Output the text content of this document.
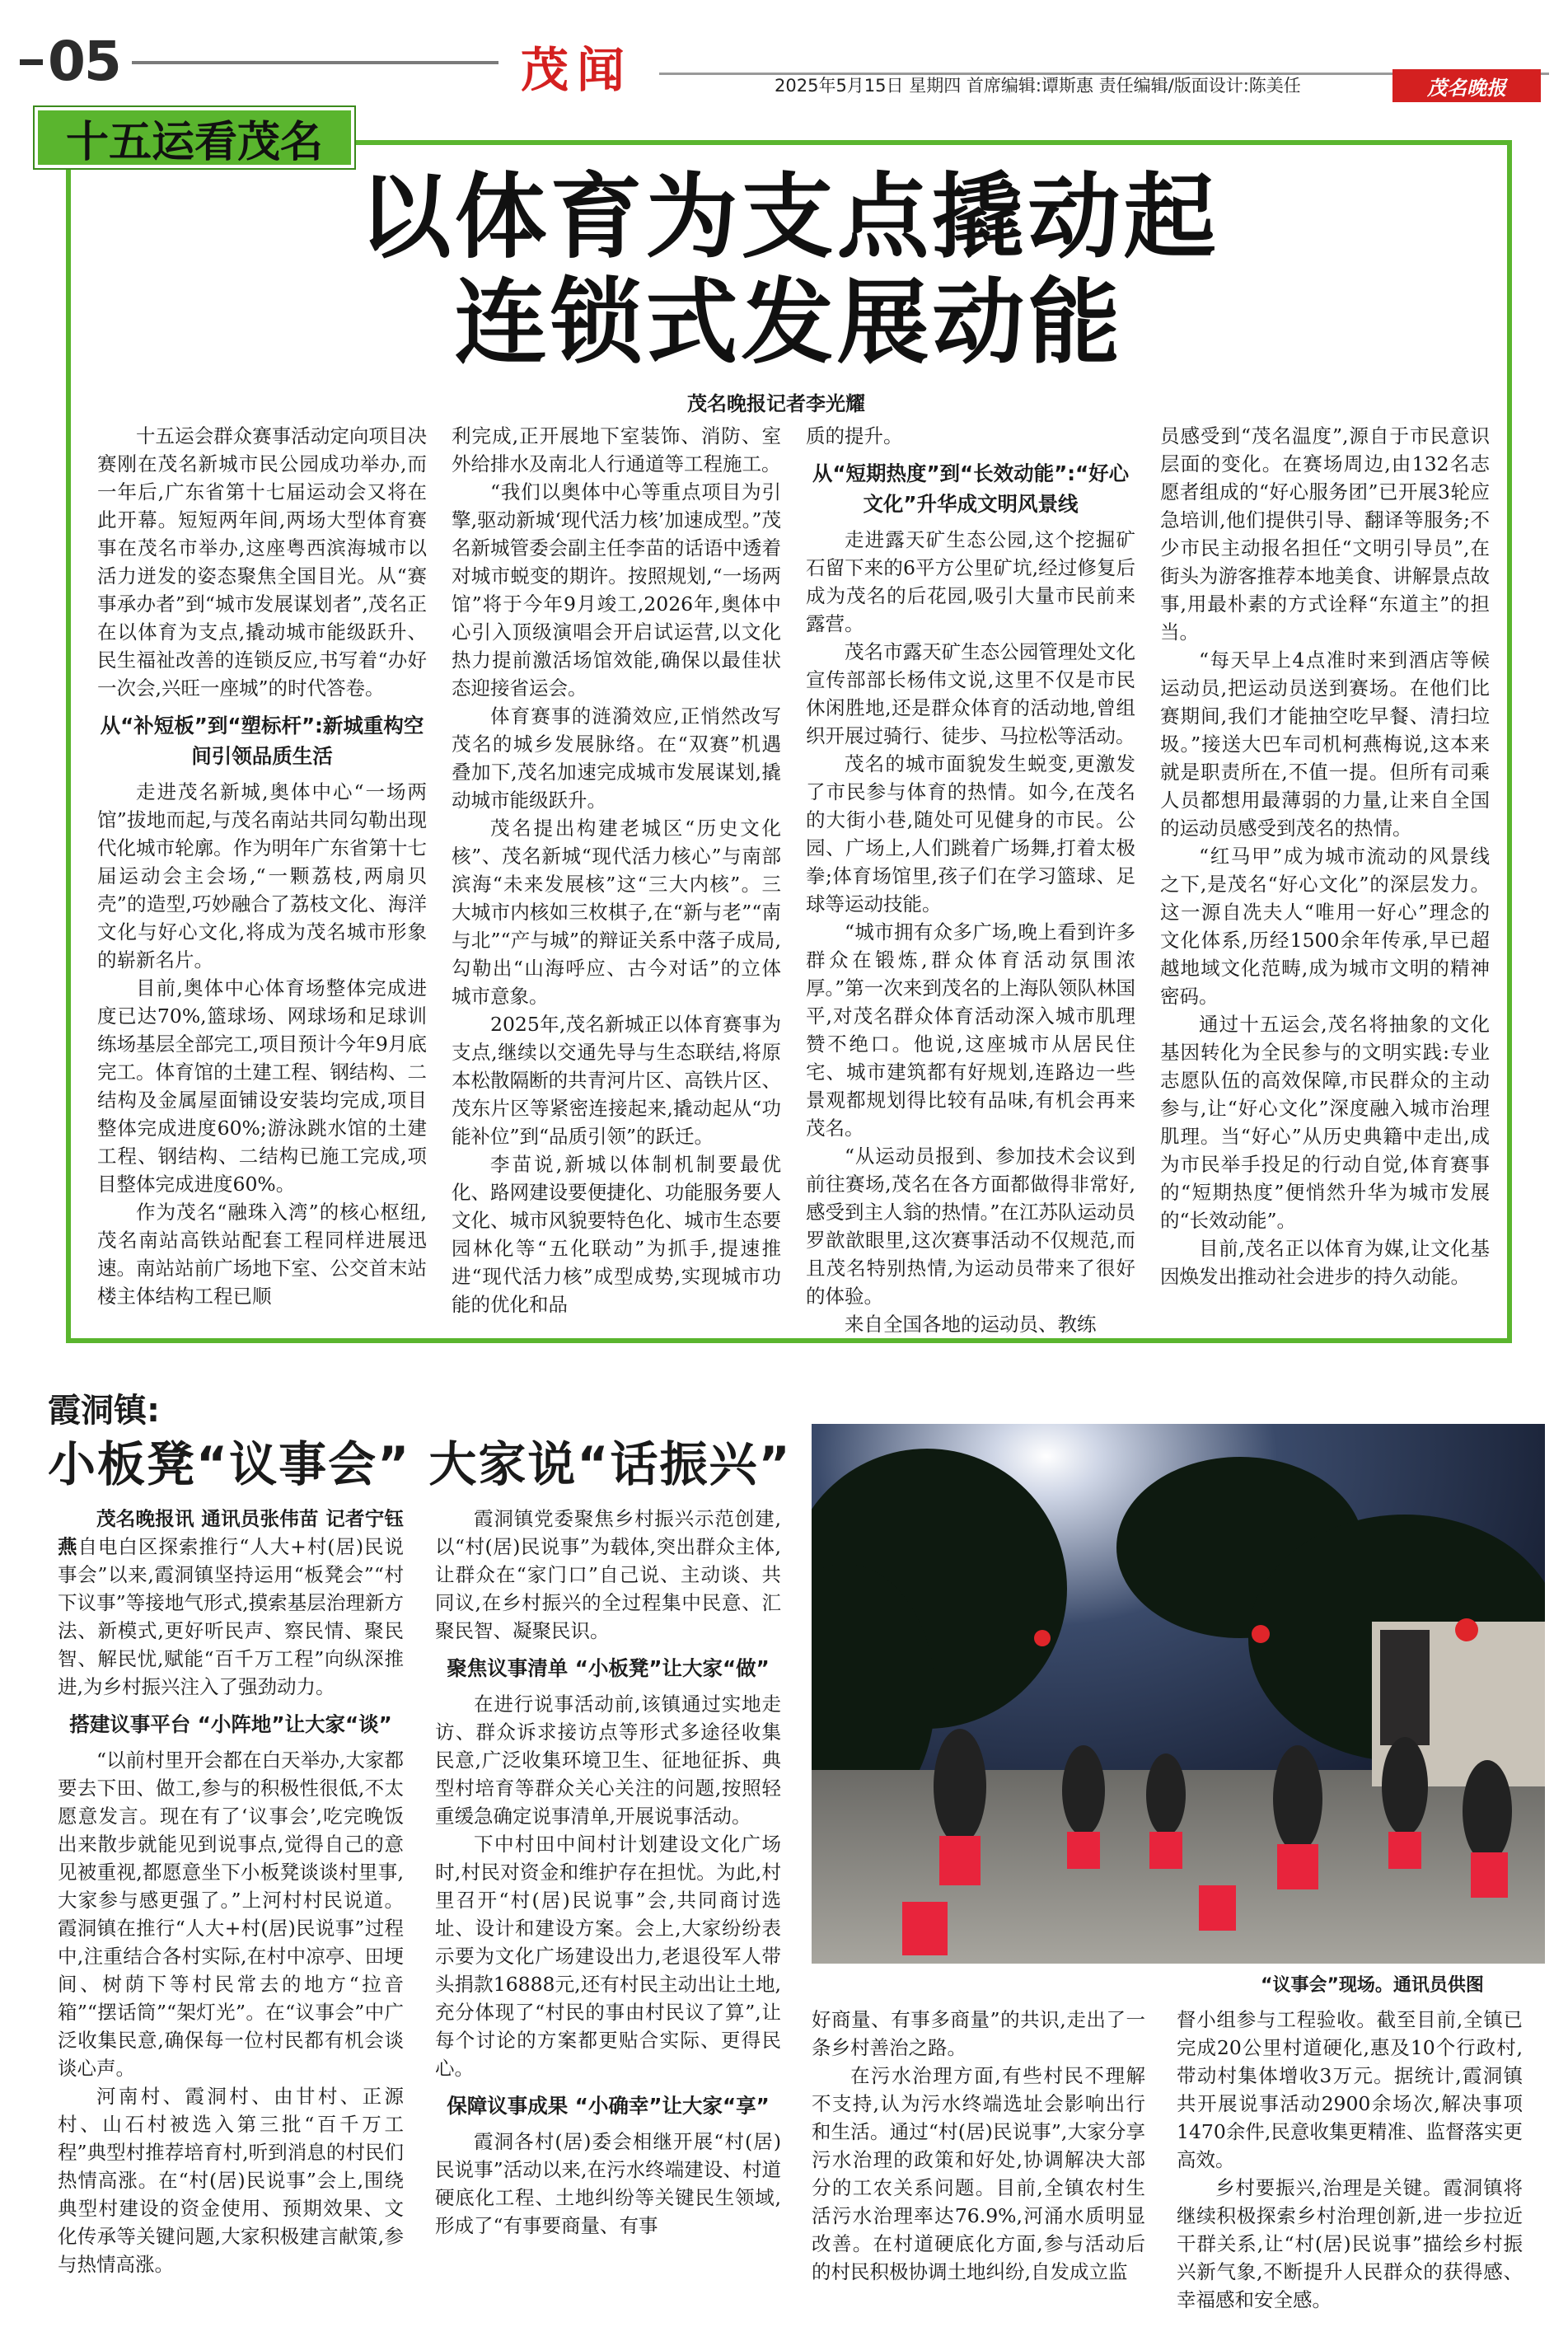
05	茂闻	2025年5月15日 星期四 首席编辑:谭斯惠 责任编辑/版面设计:陈美任	茂名晚报
十五运看茂名
以体育为支点撬动起
连锁式发展动能
茂名晚报记者李光耀

十五运会群众赛事活动定向项目决赛刚在茂名新城市民公园成功举办,而一年后,广东省第十七届运动会又将在此开幕。短短两年间,两场大型体育赛事在茂名市举办,这座粤西滨海城市以活力迸发的姿态聚焦全国目光。从“赛事承办者”到“城市发展谋划者”,茂名正在以体育为支点,撬动城市能级跃升、民生福祉改善的连锁反应,书写着“办好一次会,兴旺一座城”的时代答卷。

从“补短板”到“塑标杆”:新城重构空间引领品质生活

走进茂名新城,奥体中心“一场两馆”拔地而起,与茂名南站共同勾勒出现代化城市轮廓。作为明年广东省第十七届运动会主会场,“一颗荔枝,两扇贝壳”的造型,巧妙融合了荔枝文化、海洋文化与好心文化,将成为茂名城市形象的崭新名片。

目前,奥体中心体育场整体完成进度已达70%,篮球场、网球场和足球训练场基层全部完工,项目预计今年9月底完工。体育馆的土建工程、钢结构、二结构及金属屋面铺设安装均完成,项目整体完成进度60%;游泳跳水馆的土建工程、钢结构、二结构已施工完成,项目整体完成进度60%。

作为茂名“融珠入湾”的核心枢纽,茂名南站高铁站配套工程同样进展迅速。南站站前广场地下室、公交首末站楼主体结构工程已顺

利完成,正开展地下室装饰、消防、室外给排水及南北人行通道等工程施工。

“我们以奥体中心等重点项目为引擎,驱动新城‘现代活力核’加速成型。”茂名新城管委会副主任李苗的话语中透着对城市蜕变的期许。按照规划,“一场两馆”将于今年9月竣工,2026年,奥体中心引入顶级演唱会开启试运营,以文化热力提前激活场馆效能,确保以最佳状态迎接省运会。

体育赛事的涟漪效应,正悄然改写茂名的城乡发展脉络。在“双赛”机遇叠加下,茂名加速完成城市发展谋划,撬动城市能级跃升。

茂名提出构建老城区“历史文化核”、茂名新城“现代活力核心”与南部滨海“未来发展核”这“三大内核”。三大城市内核如三枚棋子,在“新与老”“南与北”“产与城”的辩证关系中落子成局,勾勒出“山海呼应、古今对话”的立体城市意象。

2025年,茂名新城正以体育赛事为支点,继续以交通先导与生态联结,将原本松散隔断的共青河片区、高铁片区、茂东片区等紧密连接起来,撬动起从“功能补位”到“品质引领”的跃迁。

李苗说,新城以体制机制要最优化、路网建设要便捷化、功能服务要人文化、城市风貌要特色化、城市生态要园林化等“五化联动”为抓手,提速推进“现代活力核”成型成势,实现城市功能的优化和品

质的提升。

从“短期热度”到“长效动能”:“好心文化”升华成文明风景线

走进露天矿生态公园,这个挖掘矿石留下来的6平方公里矿坑,经过修复后成为茂名的后花园,吸引大量市民前来露营。

茂名市露天矿生态公园管理处文化宣传部部长杨伟文说,这里不仅是市民休闲胜地,还是群众体育的活动地,曾组织开展过骑行、徒步、马拉松等活动。

茂名的城市面貌发生蜕变,更激发了市民参与体育的热情。如今,在茂名的大街小巷,随处可见健身的市民。公园、广场上,人们跳着广场舞,打着太极拳;体育场馆里,孩子们在学习篮球、足球等运动技能。

“城市拥有众多广场,晚上看到许多群众在锻炼,群众体育活动氛围浓厚。”第一次来到茂名的上海队领队林国平,对茂名群众体育活动深入城市肌理赞不绝口。他说,这座城市从居民住宅、城市建筑都有好规划,连路边一些景观都规划得比较有品味,有机会再来茂名。

“从运动员报到、参加技术会议到前往赛场,茂名在各方面都做得非常好,感受到主人翁的热情。”在江苏队运动员罗歆歆眼里,这次赛事活动不仅规范,而且茂名特别热情,为运动员带来了很好的体验。

来自全国各地的运动员、教练

员感受到“茂名温度”,源自于市民意识层面的变化。在赛场周边,由132名志愿者组成的“好心服务团”已开展3轮应急培训,他们提供引导、翻译等服务;不少市民主动报名担任“文明引导员”,在街头为游客推荐本地美食、讲解景点故事,用最朴素的方式诠释“东道主”的担当。

“每天早上4点准时来到酒店等候运动员,把运动员送到赛场。在他们比赛期间,我们才能抽空吃早餐、清扫垃圾。”接送大巴车司机柯燕梅说,这本来就是职责所在,不值一提。但所有司乘人员都想用最薄弱的力量,让来自全国的运动员感受到茂名的热情。

“红马甲”成为城市流动的风景线之下,是茂名“好心文化”的深层发力。这一源自冼夫人“唯用一好心”理念的文化体系,历经1500余年传承,早已超越地域文化范畴,成为城市文明的精神密码。

通过十五运会,茂名将抽象的文化基因转化为全民参与的文明实践:专业志愿队伍的高效保障,市民群众的主动参与,让“好心文化”深度融入城市治理肌理。当“好心”从历史典籍中走出,成为市民举手投足的行动自觉,体育赛事的“短期热度”便悄然升华为城市发展的“长效动能”。

目前,茂名正以体育为媒,让文化基因焕发出推动社会进步的持久动能。

霞洞镇:
小板凳“议事会” 大家说“话振兴”
“议事会”现场。通讯员供图

茂名晚报讯 通讯员张伟苗 记者宁钰燕自电白区探索推行“人大+村(居)民说事会”以来,霞洞镇坚持运用“板凳会”“村下议事”等接地气形式,摸索基层治理新方法、新模式,更好听民声、察民情、聚民智、解民忧,赋能“百千万工程”向纵深推进,为乡村振兴注入了强劲动力。

搭建议事平台 “小阵地”让大家“谈”

“以前村里开会都在白天举办,大家都要去下田、做工,参与的积极性很低,不太愿意发言。现在有了‘议事会’,吃完晚饭出来散步就能见到说事点,觉得自己的意见被重视,都愿意坐下小板凳谈谈村里事,大家参与感更强了。”上河村村民说道。霞洞镇在推行“人大+村(居)民说事”过程中,注重结合各村实际,在村中凉亭、田埂间、树荫下等村民常去的地方“拉音箱”“摆话筒”“架灯光”。在“议事会”中广泛收集民意,确保每一位村民都有机会谈谈心声。

河南村、霞洞村、由甘村、正源村、山石村被选入第三批“百千万工程”典型村推荐培育村,听到消息的村民们热情高涨。在“村(居)民说事”会上,围绕典型村建设的资金使用、预期效果、文化传承等关键问题,大家积极建言献策,参与热情高涨。

霞洞镇党委聚焦乡村振兴示范创建,以“村(居)民说事”为载体,突出群众主体,让群众在“家门口”自己说、主动谈、共同议,在乡村振兴的全过程集中民意、汇聚民智、凝聚民识。

聚焦议事清单 “小板凳”让大家“做”

在进行说事活动前,该镇通过实地走访、群众诉求接访点等形式多途径收集民意,广泛收集环境卫生、征地征拆、典型村培育等群众关心关注的问题,按照轻重缓急确定说事清单,开展说事活动。

下中村田中间村计划建设文化广场时,村民对资金和维护存在担忧。为此,村里召开“村(居)民说事”会,共同商讨选址、设计和建设方案。会上,大家纷纷表示要为文化广场建设出力,老退役军人带头捐款16888元,还有村民主动出让土地,充分体现了“村民的事由村民议了算”,让每个讨论的方案都更贴合实际、更得民心。

保障议事成果 “小确幸”让大家“享”

霞洞各村(居)委会相继开展“村(居)民说事”活动以来,在污水终端建设、村道硬底化工程、土地纠纷等关键民生领域,形成了“有事要商量、有事

好商量、有事多商量”的共识,走出了一条乡村善治之路。

在污水治理方面,有些村民不理解不支持,认为污水终端选址会影响出行和生活。通过“村(居)民说事”,大家分享污水治理的政策和好处,协调解决大部分的工农关系问题。目前,全镇农村生活污水治理率达76.9%,河涌水质明显改善。在村道硬底化方面,参与活动后的村民积极协调土地纠纷,自发成立监

督小组参与工程验收。截至目前,全镇已完成20公里村道硬化,惠及10个行政村,带动村集体增收3万元。据统计,霞洞镇共开展说事活动2900余场次,解决事项1470余件,民意收集更精准、监督落实更高效。

乡村要振兴,治理是关键。霞洞镇将继续积极探索乡村治理创新,进一步拉近干群关系,让“村(居)民说事”描绘乡村振兴新气象,不断提升人民群众的获得感、幸福感和安全感。
